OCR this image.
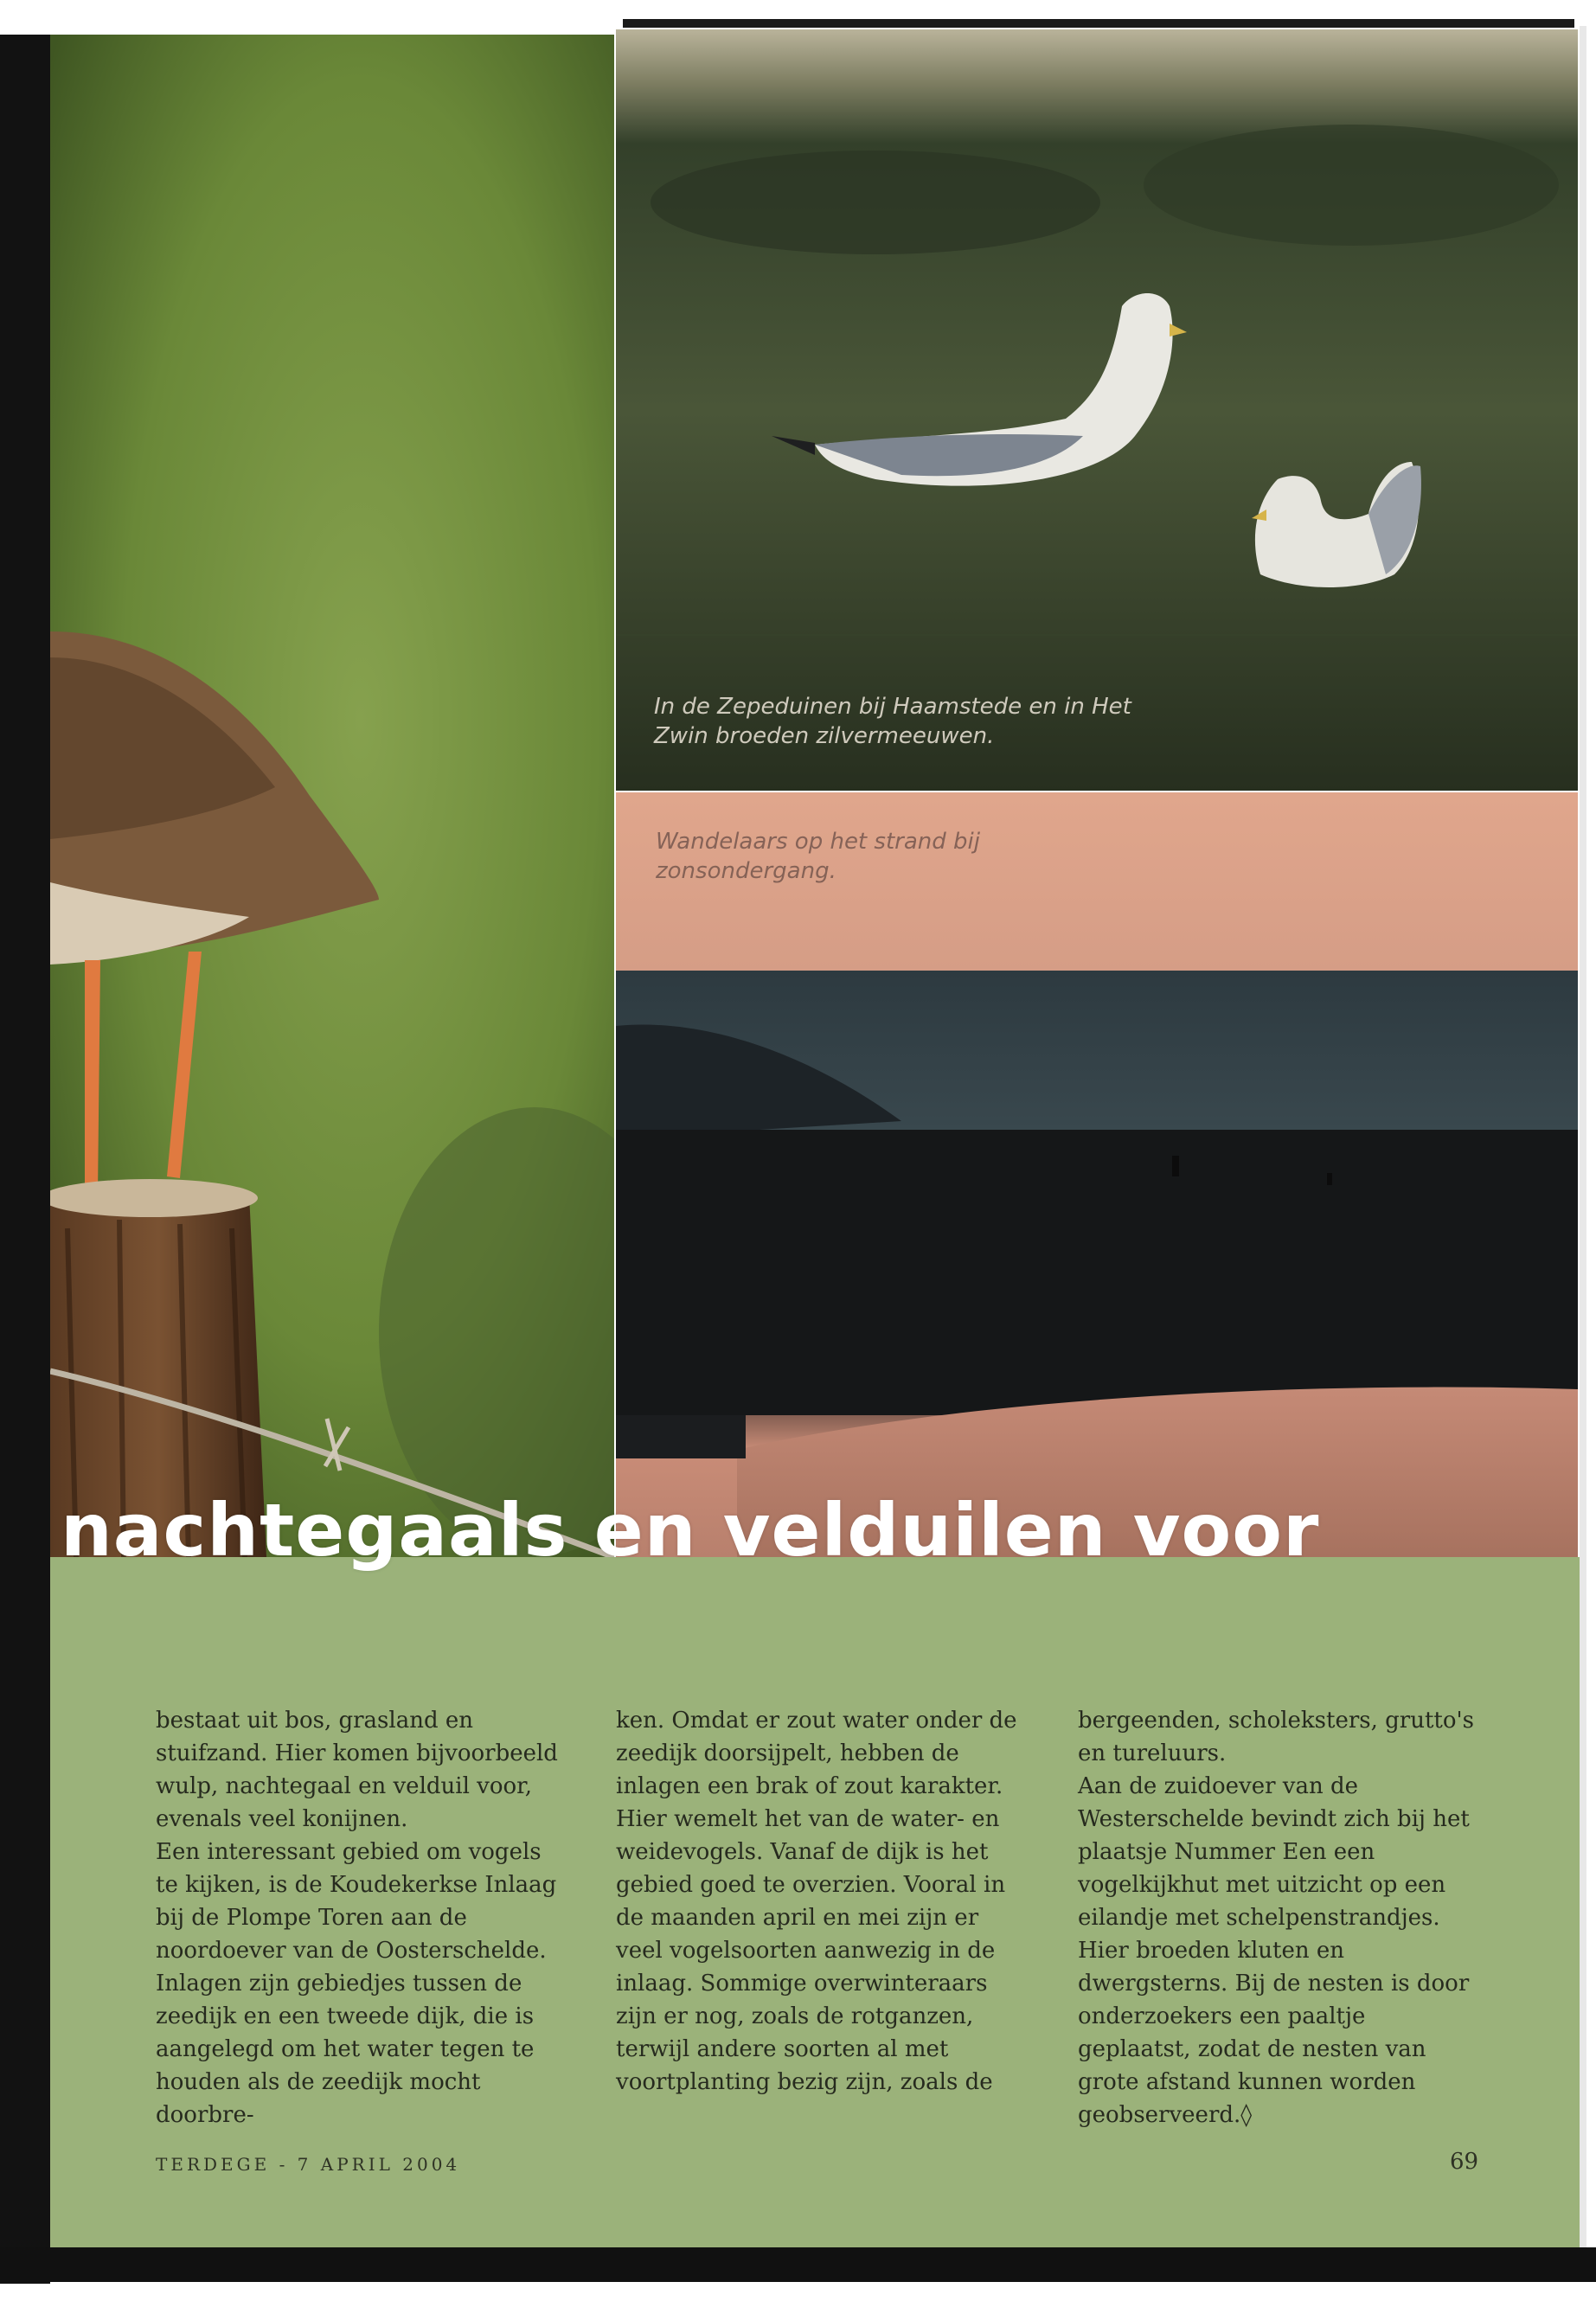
In de Zepeduinen bij Haamstede en in Het Zwin broeden zilvermeeuwen.
Wandelaars op het strand bij zonsondergang.
nachtegaals en velduilen voor

bestaat uit bos, grasland en stuifzand. Hier komen bijvoorbeeld wulp, nachtegaal en velduil voor, evenals veel konijnen.

Een interessant gebied om vogels te kijken, is de Koudekerkse Inlaag bij de Plompe Toren aan de noordoever van de Oosterschelde. Inlagen zijn gebiedjes tussen de zeedijk en een tweede dijk, die is aangelegd om het water tegen te houden als de zeedijk mocht doorbre-

ken. Omdat er zout water onder de zeedijk doorsijpelt, hebben de inlagen een brak of zout karakter. Hier wemelt het van de water- en weidevogels. Vanaf de dijk is het gebied goed te overzien. Vooral in de maanden april en mei zijn er veel vogelsoorten aanwezig in de inlaag. Sommige overwinteraars zijn er nog, zoals de rotganzen, terwijl andere soorten al met voortplanting bezig zijn, zoals de

bergeenden, scholeksters, grutto's en tureluurs.

Aan de zuidoever van de Westerschelde bevindt zich bij het plaatsje Nummer Een een vogelkijkhut met uitzicht op een eilandje met schelpenstrandjes. Hier broeden kluten en dwergsterns. Bij de nesten is door onderzoekers een paaltje geplaatst, zodat de nesten van grote afstand kunnen worden geobserveerd.◊

TERDEGE - 7 APRIL 2004	69
